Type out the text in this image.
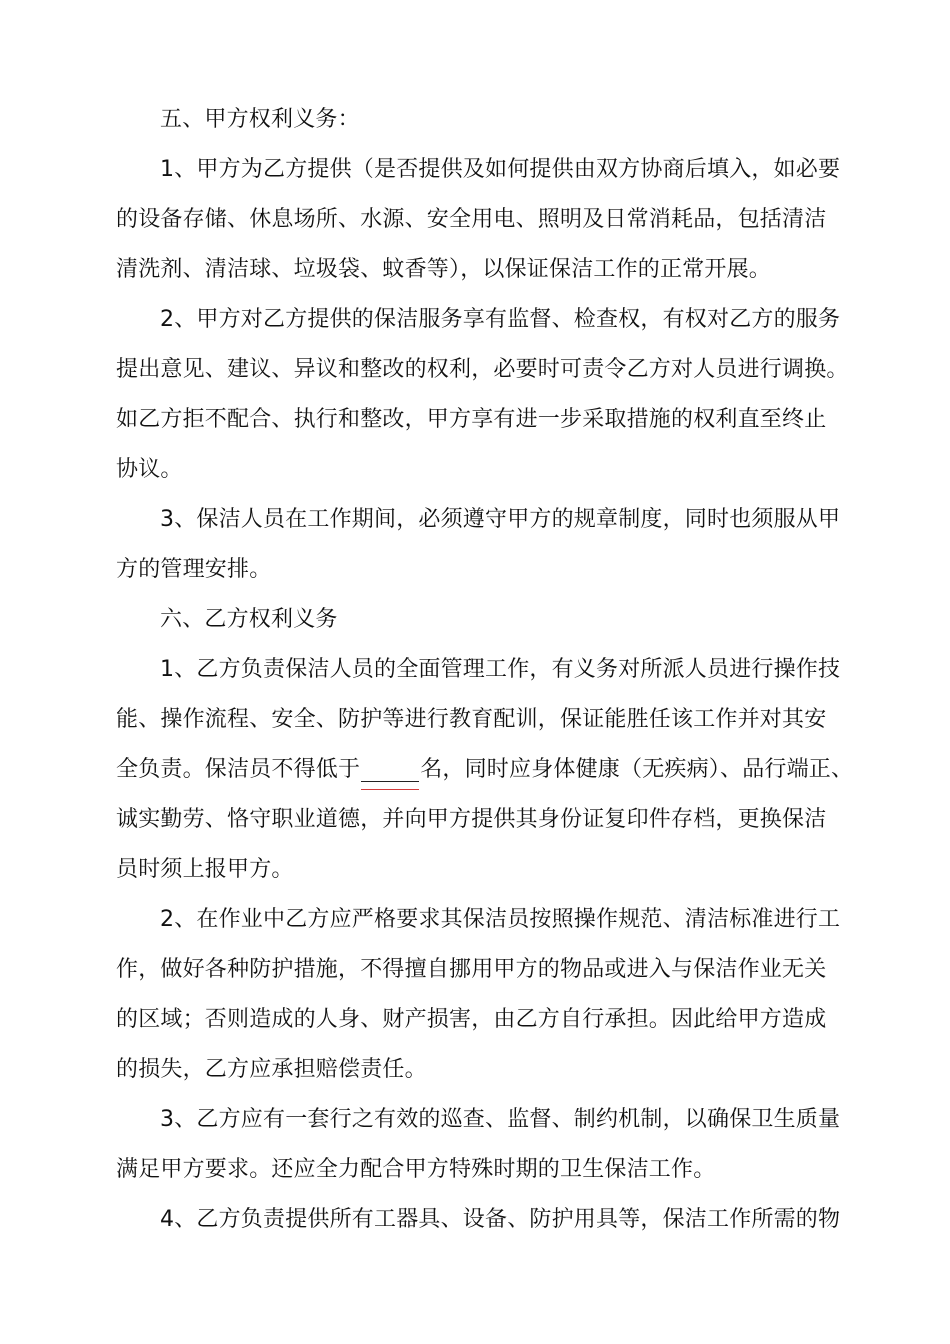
五、甲方权利义务：
1、甲方为乙方提供（是否提供及如何提供由双方协商后填入，如必要
的设备存储、休息场所、水源、安全用电、照明及日常消耗品，包括清洁
清洗剂、清洁球、垃圾袋、蚊香等），以保证保洁工作的正常开展。
2、甲方对乙方提供的保洁服务享有监督、检查权，有权对乙方的服务
提出意见、建议、异议和整改的权利，必要时可责令乙方对人员进行调换。
如乙方拒不配合、执行和整改，甲方享有进一步采取措施的权利直至终止
协议。
3、保洁人员在工作期间，必须遵守甲方的规章制度，同时也须服从甲
方的管理安排。
六、乙方权利义务
1、乙方负责保洁人员的全面管理工作，有义务对所派人员进行操作技
能、操作流程、安全、防护等进行教育配训，保证能胜任该工作并对其安
全负责。保洁员不得低于	名，同时应身体健康（无疾病）、品行端正、
诚实勤劳、恪守职业道德，并向甲方提供其身份证复印件存档，更换保洁
员时须上报甲方。
2、在作业中乙方应严格要求其保洁员按照操作规范、清洁标准进行工
作，做好各种防护措施，不得擅自挪用甲方的物品或进入与保洁作业无关
的区域；否则造成的人身、财产损害，由乙方自行承担。因此给甲方造成
的损失，乙方应承担赔偿责任。
3、乙方应有一套行之有效的巡查、监督、制约机制，以确保卫生质量
满足甲方要求。还应全力配合甲方特殊时期的卫生保洁工作。
4、乙方负责提供所有工器具、设备、防护用具等，保洁工作所需的物
